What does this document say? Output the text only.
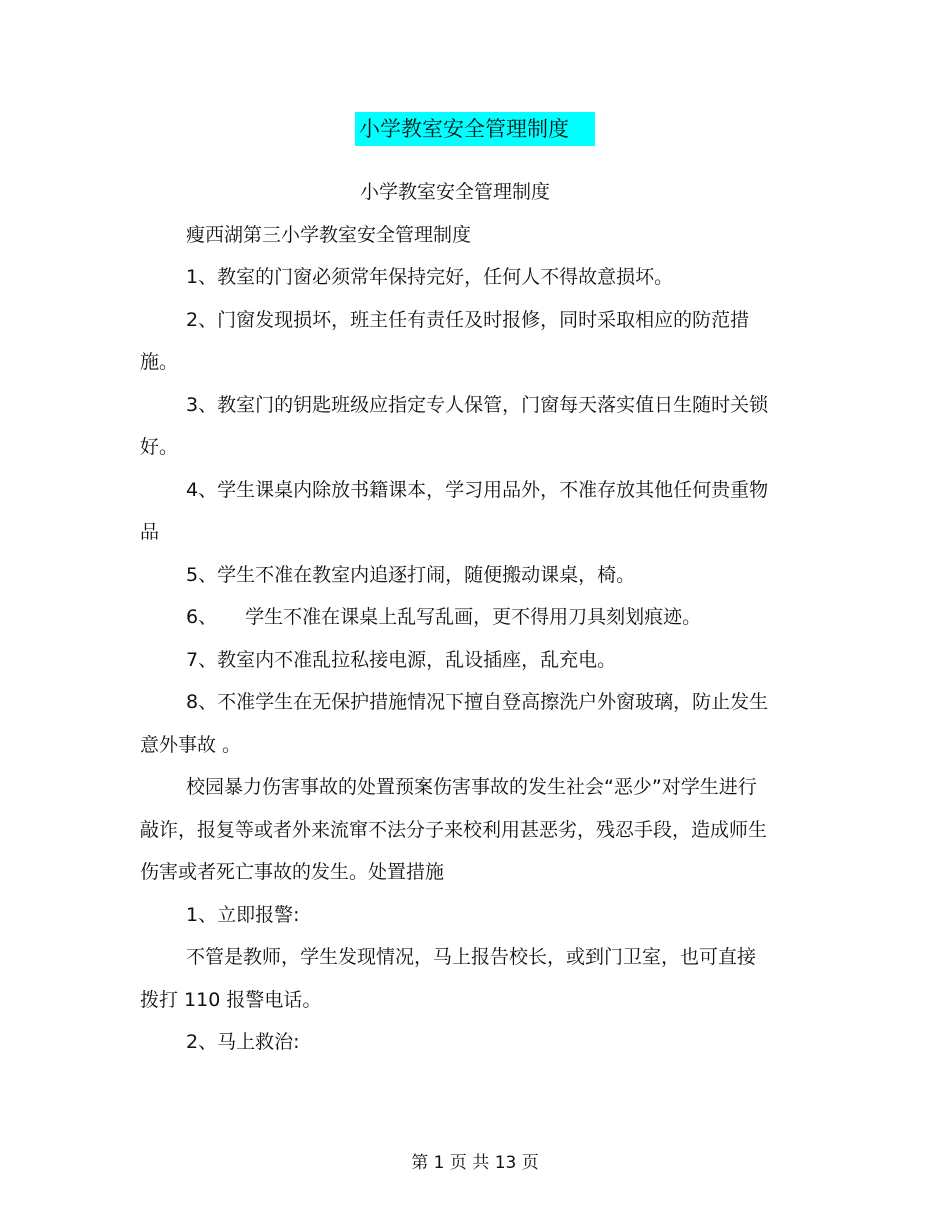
小学教室安全管理制度

小学教室安全管理制度

瘦西湖第三小学教室安全管理制度

1、教室的门窗必须常年保持完好，任何人不得故意损坏。

2、门窗发现损坏，班主任有责任及时报修，同时采取相应的防范措施。

3、教室门的钥匙班级应指定专人保管，门窗每天落实值日生随时关锁好。

4、学生课桌内除放书籍课本，学习用品外，不准存放其他任何贵重物品

5、学生不准在教室内追逐打闹，随便搬动课桌，椅。

6、 学生不准在课桌上乱写乱画，更不得用刀具刻划痕迹。

7、教室内不准乱拉私接电源，乱设插座，乱充电。

8、不准学生在无保护措施情况下擅自登高擦洗户外窗玻璃，防止发生意外事故 。

校园暴力伤害事故的处置预案伤害事故的发生社会“恶少”对学生进行敲诈，报复等或者外来流窜不法分子来校利用甚恶劣，残忍手段，造成师生伤害或者死亡事故的发生。处置措施

1、立即报警:

不管是教师，学生发现情况，马上报告校长，或到门卫室，也可直接拨打 110 报警电话。

2、马上救治:

第 1 页 共 13 页
